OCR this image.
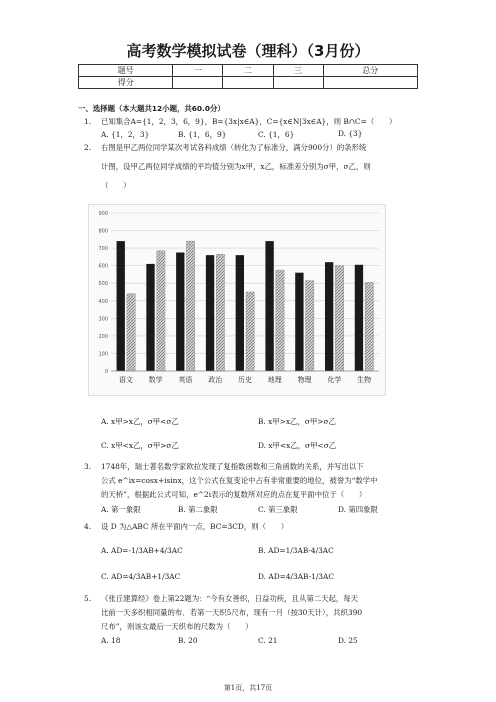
高考数学模拟试卷（理科）（3月份）
题号	一	二	三	总分
得分				
一、选择题（本大题共12小题，共60.0分）
1. 已知集合A={1，2，3，6，9}，B={3x|x∈A}，C={x∈N|3x∈A}，则 B∩C=（　　）
A. {1，2，3}	B. {1，6，9}	C. {1，6}	D. {3}
2. 右图是甲乙两位同学某次考试各科成绩（转化为了标准分，满分900分）的条形统
计图，设甲乙两位同学成绩的平均值分别为x甲，x乙，标准差分别为σ甲，σ乙，则
（　　）
0
100
200
300
400
500
600
700
800
900
语文 数学 英语 政治 历史 地理 物理 化学 生物
A. x甲>x乙，σ甲<σ乙	B. x甲>x乙，σ甲>σ乙
C. x甲<x乙，σ甲>σ乙	D. x甲<x乙，σ甲<σ乙
3. 1748年，瑞士著名数学家欧拉发现了复指数函数和三角函数的关系，并写出以下
公式 e^ix=cosx+isinx，这个公式在复变论中占有非常重要的地位，被誉为“数学中
的天桥”，根据此公式可知，e^2i表示的复数所对应的点在复平面中位于（　　）
A. 第一象限	B. 第二象限	C. 第三象限	D. 第四象限
4. 设 D 为△ABC 所在平面内一点，BC=3CD，则（　　）
A. AD=-1/3AB+4/3AC	B. AD=1/3AB-4/3AC
C. AD=4/3AB+1/3AC	D. AD=4/3AB-1/3AC
5. 《张丘建算经》卷上第22题为：“今有女善织，日益功疾，且从第二天起，每天
比前一天多织相同量的布．若第一天织5尺布，现有一月（按30天计），共织390
尺布”，则该女最后一天织布的尺数为（　　）
A. 18	B. 20	C. 21	D. 25
第1页，共17页
